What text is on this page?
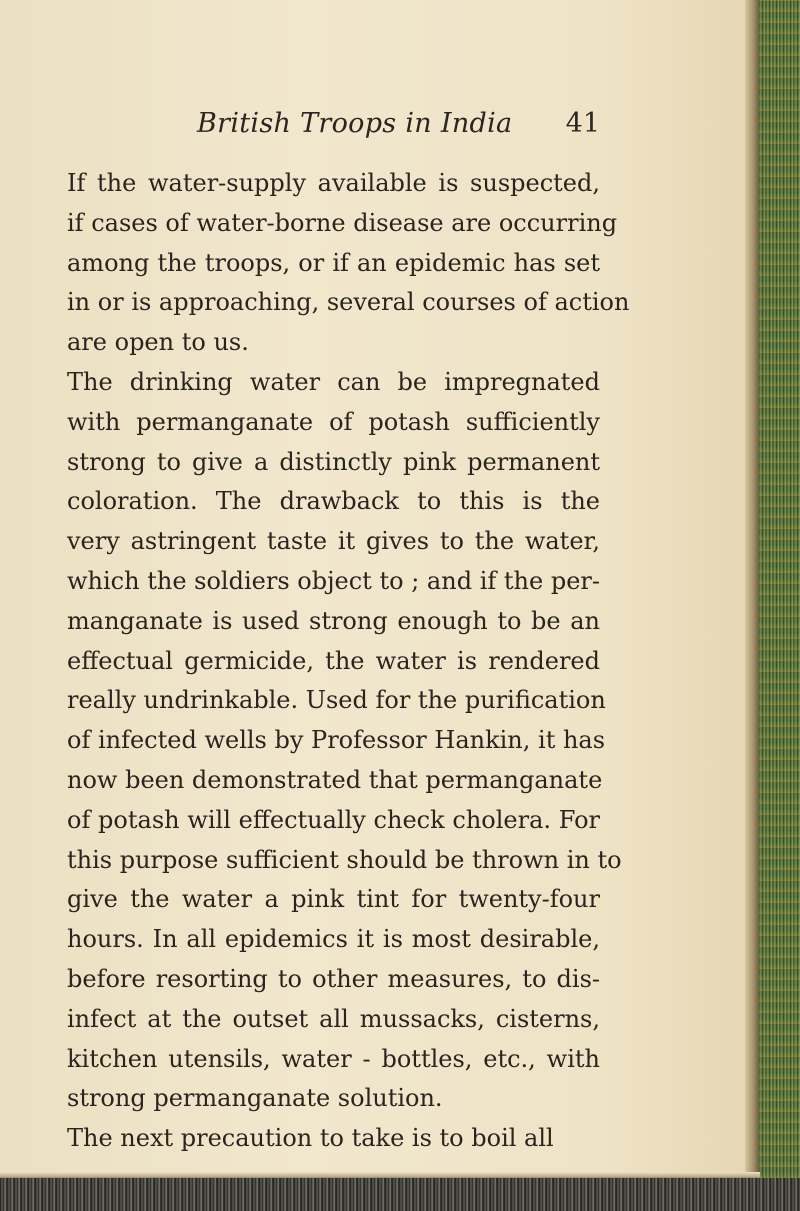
British Troops in India 41
If the water-supply available is suspected,
if cases of water-borne disease are occurring
among the troops, or if an epidemic has set
in or is approaching, several courses of action
are open to us.
The drinking water can be impregnated
with permanganate of potash sufficiently
strong to give a distinctly pink permanent
coloration. The drawback to this is the
very astringent taste it gives to the water,
which the soldiers object to ; and if the per-
manganate is used strong enough to be an
effectual germicide, the water is rendered
really undrinkable. Used for the purification
of infected wells by Professor Hankin, it has
now been demonstrated that permanganate
of potash will effectually check cholera. For
this purpose sufficient should be thrown in to
give the water a pink tint for twenty-four
hours. In all epidemics it is most desirable,
before resorting to other measures, to dis-
infect at the outset all mussacks, cisterns,
kitchen utensils, water - bottles, etc., with
strong permanganate solution.
The next precaution to take is to boil all
